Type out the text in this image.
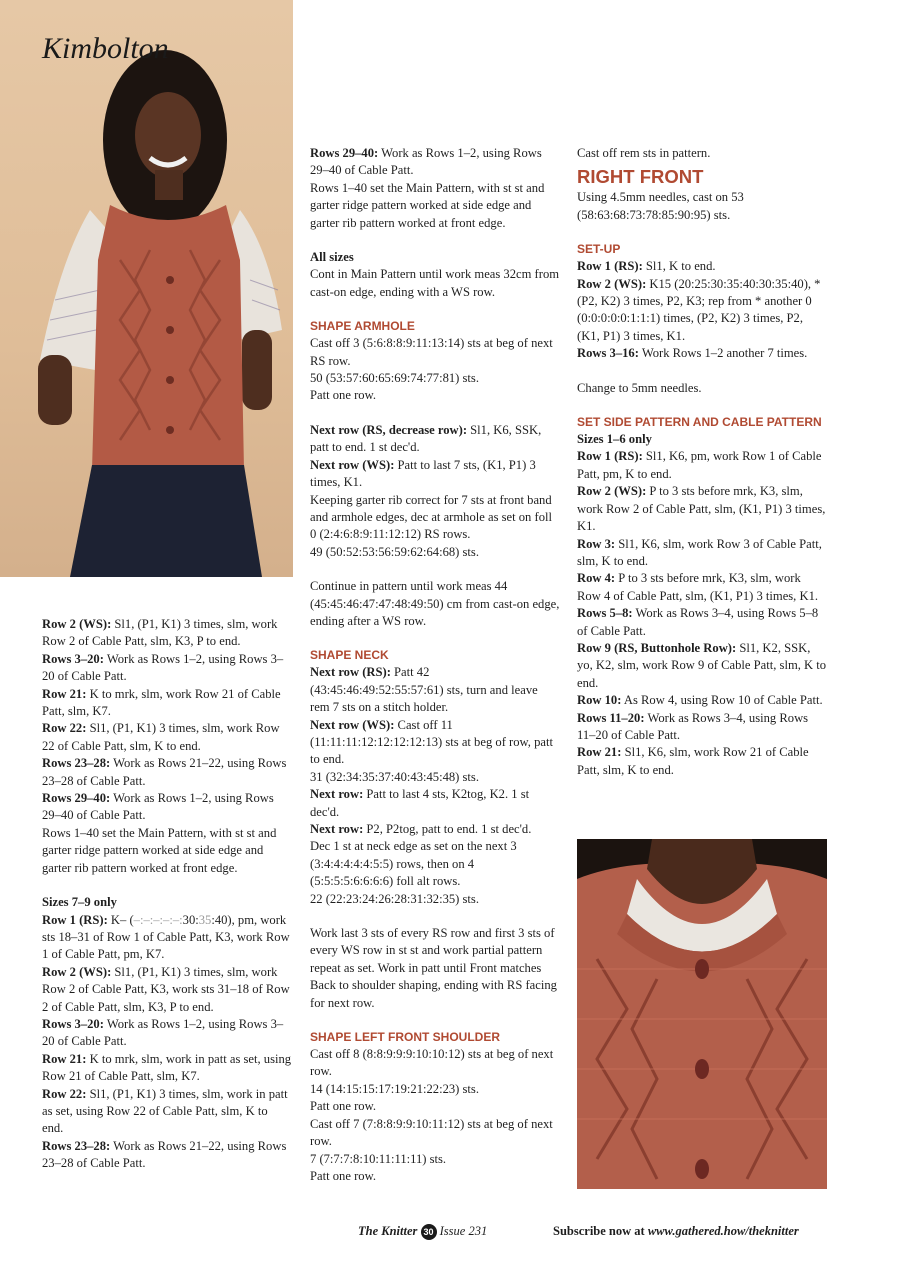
Kimbolton

Row 2 (WS): Sl1, (P1, K1) 3 times, slm, work Row 2 of Cable Patt, slm, K3, P to end.

Rows 3–20: Work as Rows 1–2, using Rows 3–20 of Cable Patt.

Row 21: K to mrk, slm, work Row 21 of Cable Patt, slm, K7.

Row 22: Sl1, (P1, K1) 3 times, slm, work Row 22 of Cable Patt, slm, K to end.

Rows 23–28: Work as Rows 21–22, using Rows 23–28 of Cable Patt.

Rows 29–40: Work as Rows 1–2, using Rows 29–40 of Cable Patt.

Rows 1–40 set the Main Pattern, with st st and garter ridge pattern worked at side edge and garter rib pattern worked at front edge.

Sizes 7–9 only

Row 1 (RS): K– (–:–:–:–:–:30:35:40), pm, work sts 18–31 of Row 1 of Cable Patt, K3, work Row 1 of Cable Patt, pm, K7.

Row 2 (WS): Sl1, (P1, K1) 3 times, slm, work Row 2 of Cable Patt, K3, work sts 31–18 of Row 2 of Cable Patt, slm, K3, P to end.

Rows 3–20: Work as Rows 1–2, using Rows 3–20 of Cable Patt.

Row 21: K to mrk, slm, work in patt as set, using Row 21 of Cable Patt, slm, K7.

Row 22: Sl1, (P1, K1) 3 times, slm, work in patt as set, using Row 22 of Cable Patt, slm, K to end.

Rows 23–28: Work as Rows 21–22, using Rows 23–28 of Cable Patt.

Rows 29–40: Work as Rows 1–2, using Rows 29–40 of Cable Patt.

Rows 1–40 set the Main Pattern, with st st and garter ridge pattern worked at side edge and garter rib pattern worked at front edge.

All sizes

Cont in Main Pattern until work meas 32cm from cast-on edge, ending with a WS row.

SHAPE ARMHOLE

Cast off 3 (5:6:8:8:9:11:13:14) sts at beg of next RS row.

50 (53:57:60:65:69:74:77:81) sts.

Patt one row.

Next row (RS, decrease row): Sl1, K6, SSK, patt to end. 1 st dec'd.

Next row (WS): Patt to last 7 sts, (K1, P1) 3 times, K1.

Keeping garter rib correct for 7 sts at front band and armhole edges, dec at armhole as set on foll 0 (2:4:6:8:9:11:12:12) RS rows.

49 (50:52:53:56:59:62:64:68) sts.

Continue in pattern until work meas 44 (45:45:46:47:47:48:49:50) cm from cast-on edge, ending after a WS row.

SHAPE NECK

Next row (RS): Patt 42 (43:45:46:49:52:55:57:61) sts, turn and leave rem 7 sts on a stitch holder.

Next row (WS): Cast off 11 (11:11:11:12:12:12:12:13) sts at beg of row, patt to end.

31 (32:34:35:37:40:43:45:48) sts.

Next row: Patt to last 4 sts, K2tog, K2. 1 st dec'd.

Next row: P2, P2tog, patt to end. 1 st dec'd.

Dec 1 st at neck edge as set on the next 3 (3:4:4:4:4:4:5:5) rows, then on 4 (5:5:5:5:6:6:6:6) foll alt rows.

22 (22:23:24:26:28:31:32:35) sts.

Work last 3 sts of every RS row and first 3 sts of every WS row in st st and work partial pattern repeat as set. Work in patt until Front matches Back to shoulder shaping, ending with RS facing for next row.

SHAPE LEFT FRONT SHOULDER

Cast off 8 (8:8:9:9:9:10:10:12) sts at beg of next row.

14 (14:15:15:17:19:21:22:23) sts.

Patt one row.

Cast off 7 (7:8:8:9:9:10:11:12) sts at beg of next row.

7 (7:7:7:8:10:11:11:11) sts.

Patt one row.

Cast off rem sts in pattern.

RIGHT FRONT

Using 4.5mm needles, cast on 53 (58:63:68:73:78:85:90:95) sts.

SET-UP

Row 1 (RS): Sl1, K to end.

Row 2 (WS): K15 (20:25:30:35:40:30:35:40), *(P2, K2) 3 times, P2, K3; rep from * another 0 (0:0:0:0:0:1:1:1) times, (P2, K2) 3 times, P2, (K1, P1) 3 times, K1.

Rows 3–16: Work Rows 1–2 another 7 times.

Change to 5mm needles.

SET SIDE PATTERN AND CABLE PATTERN

Sizes 1–6 only

Row 1 (RS): Sl1, K6, pm, work Row 1 of Cable Patt, pm, K to end.

Row 2 (WS): P to 3 sts before mrk, K3, slm, work Row 2 of Cable Patt, slm, (K1, P1) 3 times, K1.

Row 3: Sl1, K6, slm, work Row 3 of Cable Patt, slm, K to end.

Row 4: P to 3 sts before mrk, K3, slm, work Row 4 of Cable Patt, slm, (K1, P1) 3 times, K1.

Rows 5–8: Work as Rows 3–4, using Rows 5–8 of Cable Patt.

Row 9 (RS, Buttonhole Row): Sl1, K2, SSK, yo, K2, slm, work Row 9 of Cable Patt, slm, K to end.

Row 10: As Row 4, using Row 10 of Cable Patt.

Rows 11–20: Work as Rows 3–4, using Rows 11–20 of Cable Patt.

Row 21: Sl1, K6, slm, work Row 21 of Cable Patt, slm, K to end.

The Knitter 30 Issue 231	Subscribe now at www.gathered.how/theknitter
